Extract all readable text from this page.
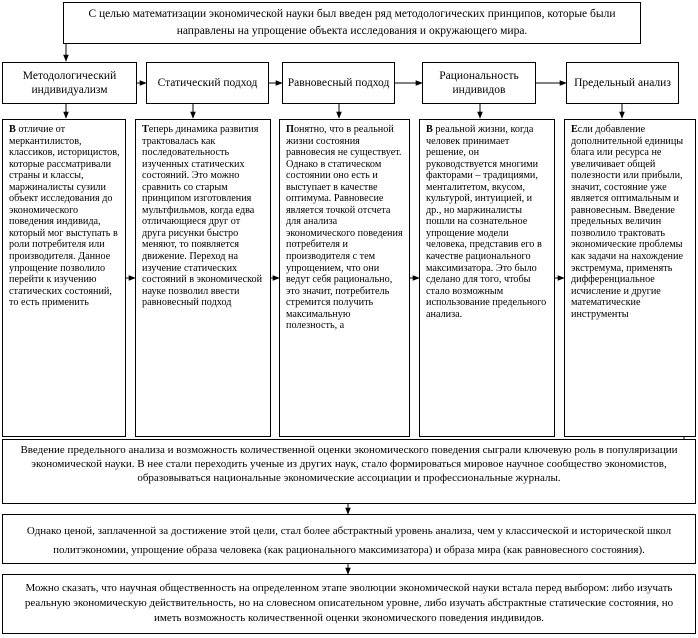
С целью математизации экономической науки был введен ряд методологических принципов, которые были направлены на упрощение объекта исследования и окружающего мира.
Методологический индивидуализм
Статический подход	Равновесный подход
Рациональность индивидов
Предельный анализ
В отличие от меркантилистов, классиков, историцистов, которые рассматривали страны и классы, маржиналисты сузили объект исследования до экономического поведения индивида, который мог выступать в роли потребителя или производителя. Данное упрощение позволило перейти к изучению статических состояний, то есть применить
Теперь динамика развития трактовалась как последовательность изученных статических состояний. Это можно сравнить со старым принципом изготовления мультфильмов, когда едва отличающиеся друг от друга рисунки быстро меняют, то появляется движение. Переход на изучение статических состояний в экономической науке позволил ввести равновесный подход
Понятно, что в реальной жизни состояния равновесия не существует. Однако в статическом состоянии оно есть и выступает в качестве оптимума. Равновесие является точкой отсчета для анализа экономического поведения потребителя и производителя с тем упрощением, что они ведут себя рационально, это значит, потребитель стремится получить максимальную полезность, а
В реальной жизни, когда человек принимает решение, он руководствуется многими факторами – традициями, менталитетом, вкусом, культурой, интуицией, и др., но маржиналисты пошли на сознательное упрощение модели человека, представив его в качестве рационального максимизатора. Это было сделано для того, чтобы стало возможным использование предельного анализа.
Если добавление дополнительной единицы блага или ресурса не увеличивает общей полезности или прибыли, значит, состояние уже является оптимальным и равновесным. Введение предельных величин позволило трактовать экономические проблемы как задачи на нахождение экстремума, применять дифференциальное исчисление и другие математические инструменты
Введение предельного анализа и возможность количественной оценки экономического поведения сыграли ключевую роль в популяризации экономической науки. В нее стали переходить ученые из других наук, стало формироваться мировое научное сообщество экономистов, образовываться национальные экономические ассоциации и профессиональные журналы.
Однако ценой, заплаченной за достижение этой цели, стал более абстрактный уровень анализа, чем у классической и исторической школ политэкономии, упрощение образа человека (как рационального максимизатора) и образа мира (как равновесного состояния).
Можно сказать, что научная общественность на определенном этапе эволюции экономической науки встала перед выбором: либо изучать реальную экономическую действительность, но на словесном описательном уровне, либо изучать абстрактные статические состояния, но иметь возможность количественной оценки экономического поведения индивидов.
